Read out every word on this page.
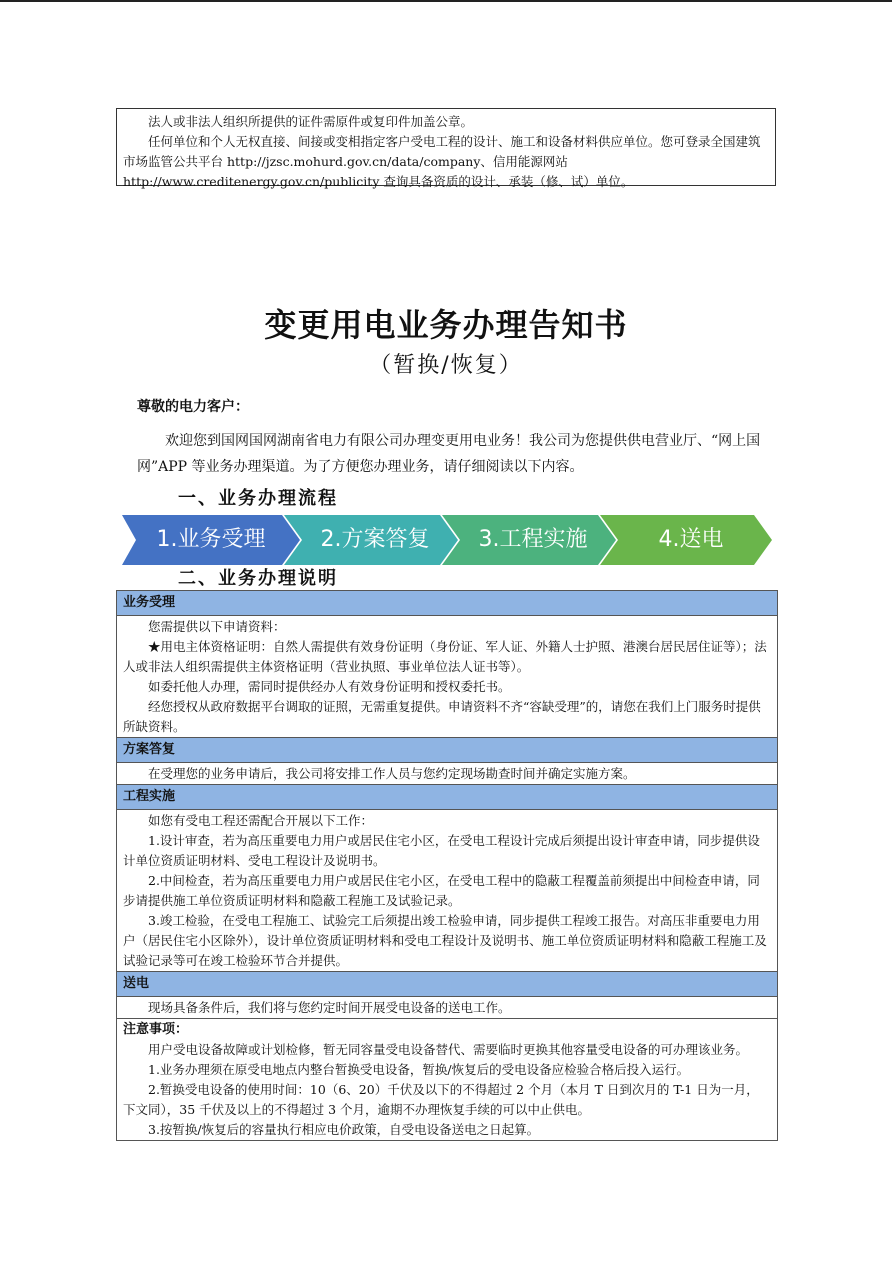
法人或非法人组织所提供的证件需原件或复印件加盖公章。

任何单位和个人无权直接、间接或变相指定客户受电工程的设计、施工和设备材料供应单位。您可登录全国建筑市场监管公共平台 http://jzsc.mohurd.gov.cn/data/company、信用能源网站 http://www.creditenergy.gov.cn/publicity 查询具备资质的设计、承装（修、试）单位。

变更用电业务办理告知书
（暂换/恢复）
尊敬的电力客户：

欢迎您到国网国网湖南省电力有限公司办理变更用电业务！我公司为您提供供电营业厅、“网上国网”APP 等业务办理渠道。为了方便您办理业务，请仔细阅读以下内容。

一、业务办理流程
1.业务受理	2.方案答复	3.工程实施	4.送电
二、业务办理说明
业务受理

您需提供以下申请资料：

★用电主体资格证明：自然人需提供有效身份证明（身份证、军人证、外籍人士护照、港澳台居民居住证等）；法人或非法人组织需提供主体资格证明（营业执照、事业单位法人证书等）。

如委托他人办理，需同时提供经办人有效身份证明和授权委托书。

经您授权从政府数据平台调取的证照，无需重复提供。申请资料不齐“容缺受理”的，请您在我们上门服务时提供所缺资料。

方案答复

在受理您的业务申请后，我公司将安排工作人员与您约定现场勘查时间并确定实施方案。

工程实施

如您有受电工程还需配合开展以下工作：

1.设计审查，若为高压重要电力用户或居民住宅小区，在受电工程设计完成后须提出设计审查申请，同步提供设计单位资质证明材料、受电工程设计及说明书。

2.中间检查，若为高压重要电力用户或居民住宅小区，在受电工程中的隐蔽工程覆盖前须提出中间检查申请，同步请提供施工单位资质证明材料和隐蔽工程施工及试验记录。

3.竣工检验，在受电工程施工、试验完工后须提出竣工检验申请，同步提供工程竣工报告。对高压非重要电力用户（居民住宅小区除外），设计单位资质证明材料和受电工程设计及说明书、施工单位资质证明材料和隐蔽工程施工及试验记录等可在竣工检验环节合并提供。

送电

现场具备条件后，我们将与您约定时间开展受电设备的送电工作。

注意事项：

用户受电设备故障或计划检修，暂无同容量受电设备替代、需要临时更换其他容量受电设备的可办理该业务。

1.业务办理须在原受电地点内整台暂换受电设备，暂换/恢复后的受电设备应检验合格后投入运行。

2.暂换受电设备的使用时间：10（6、20）千伏及以下的不得超过 2 个月（本月 T 日到次月的 T-1 日为一月，下文同），35 千伏及以上的不得超过 3 个月，逾期不办理恢复手续的可以中止供电。

3.按暂换/恢复后的容量执行相应电价政策，自受电设备送电之日起算。
